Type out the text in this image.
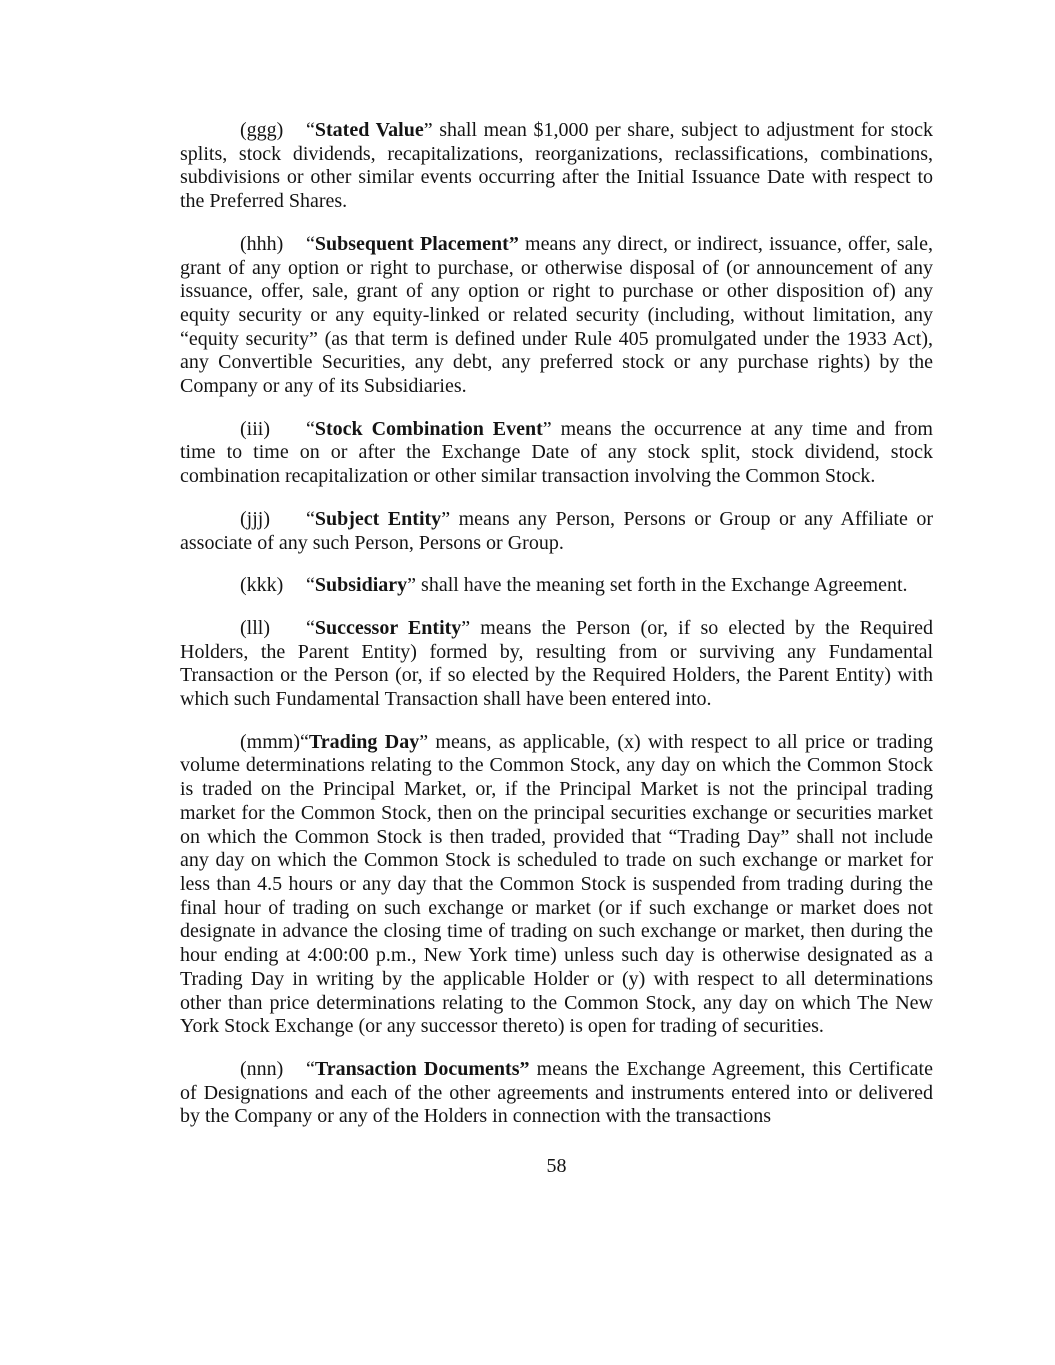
(ggg) “Stated Value” shall mean $1,000 per share, subject to adjustment for stock splits, stock dividends, recapitalizations, reorganizations, reclassifications, combinations, subdivisions or other similar events occurring after the Initial Issuance Date with respect to the Preferred Shares.

(hhh) “Subsequent Placement” means any direct, or indirect, issuance, offer, sale, grant of any option or right to purchase, or otherwise disposal of (or announcement of any issuance, offer, sale, grant of any option or right to purchase or other disposition of) any equity security or any equity-linked or related security (including, without limitation, any “equity security” (as that term is defined under Rule 405 promulgated under the 1933 Act), any Convertible Securities, any debt, any preferred stock or any purchase rights) by the Company or any of its Subsidiaries.

(iii) “Stock Combination Event” means the occurrence at any time and from time to time on or after the Exchange Date of any stock split, stock dividend, stock combination recapitalization or other similar transaction involving the Common Stock.

(jjj) “Subject Entity” means any Person, Persons or Group or any Affiliate or associate of any such Person, Persons or Group.

(kkk) “Subsidiary” shall have the meaning set forth in the Exchange Agreement.

(lll) “Successor Entity” means the Person (or, if so elected by the Required Holders, the Parent Entity) formed by, resulting from or surviving any Fundamental Transaction or the Person (or, if so elected by the Required Holders, the Parent Entity) with which such Fundamental Transaction shall have been entered into.

(mmm)“Trading Day” means, as applicable, (x) with respect to all price or trading volume determinations relating to the Common Stock, any day on which the Common Stock is traded on the Principal Market, or, if the Principal Market is not the principal trading market for the Common Stock, then on the principal securities exchange or securities market on which the Common Stock is then traded, provided that “Trading Day” shall not include any day on which the Common Stock is scheduled to trade on such exchange or market for less than 4.5 hours or any day that the Common Stock is suspended from trading during the final hour of trading on such exchange or market (or if such exchange or market does not designate in advance the closing time of trading on such exchange or market, then during the hour ending at 4:00:00 p.m., New York time) unless such day is otherwise designated as a Trading Day in writing by the applicable Holder or (y) with respect to all determinations other than price determinations relating to the Common Stock, any day on which The New York Stock Exchange (or any successor thereto) is open for trading of securities.

(nnn) “Transaction Documents” means the Exchange Agreement, this Certificate of Designations and each of the other agreements and instruments entered into or delivered by the Company or any of the Holders in connection with the transactions

58
